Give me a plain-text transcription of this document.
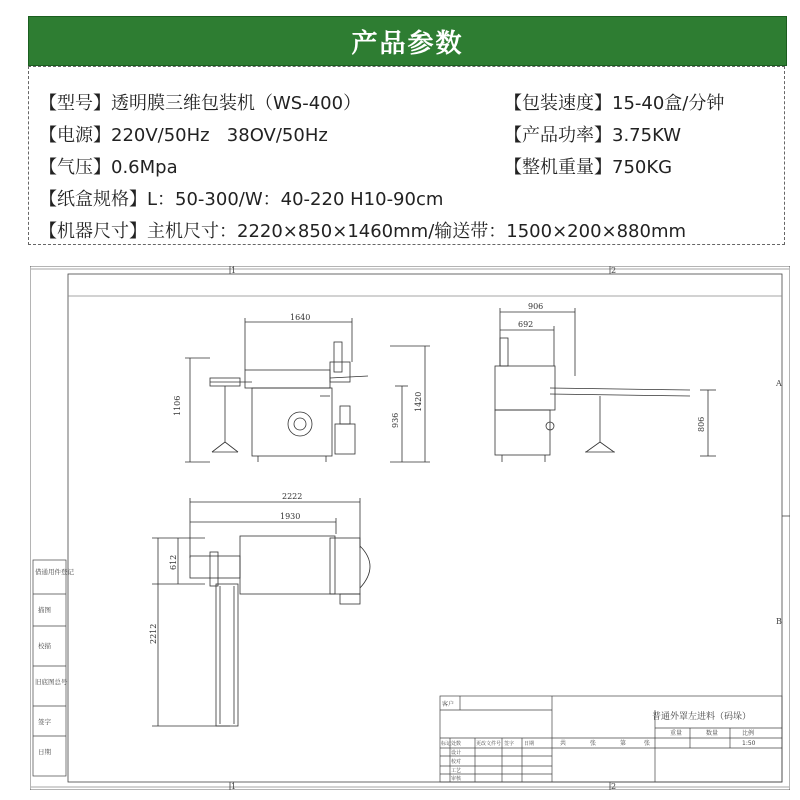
产品参数
【型号】透明膜三维包装机（WS-400）	【包装速度】15-40盒/分钟
【电源】220V/50Hz   38OV/50Hz	【产品功率】3.75KW
【气压】0.6Mpa	【整机重量】750KG
【纸盒规格】L：50-300/W：40-220 H10-90cm
【机器尺寸】主机尺寸：2220×850×1460mm/输送带：1500×200×880mm
1	2
1	2
A
B
借通用件登记
描图
校描
旧底图总号
签字
日期
1640
1106
936
1420
906
692
806
2222
1930
612
2212
客户
普通外罩左进料（码垛）
重量	数量	比例
1:50
标记 处数	更改文件号 签字 日期
设计
校对
工艺
审核
共	张	第	张
